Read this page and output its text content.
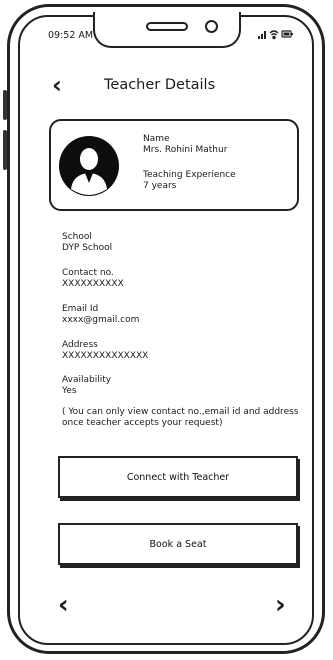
09:52 AM
‹	Teacher Details
Name
Mrs. Rohini Mathur
Teaching Experience
7 years
School
DYP School
Contact no.
XXXXXXXXXX
Email Id
xxxx@gmail.com
Address
XXXXXXXXXXXXXX
Availability
Yes
( You can only view contact no.,email id and address once teacher accepts your request)
Connect with Teacher
Book a Seat
‹	›
